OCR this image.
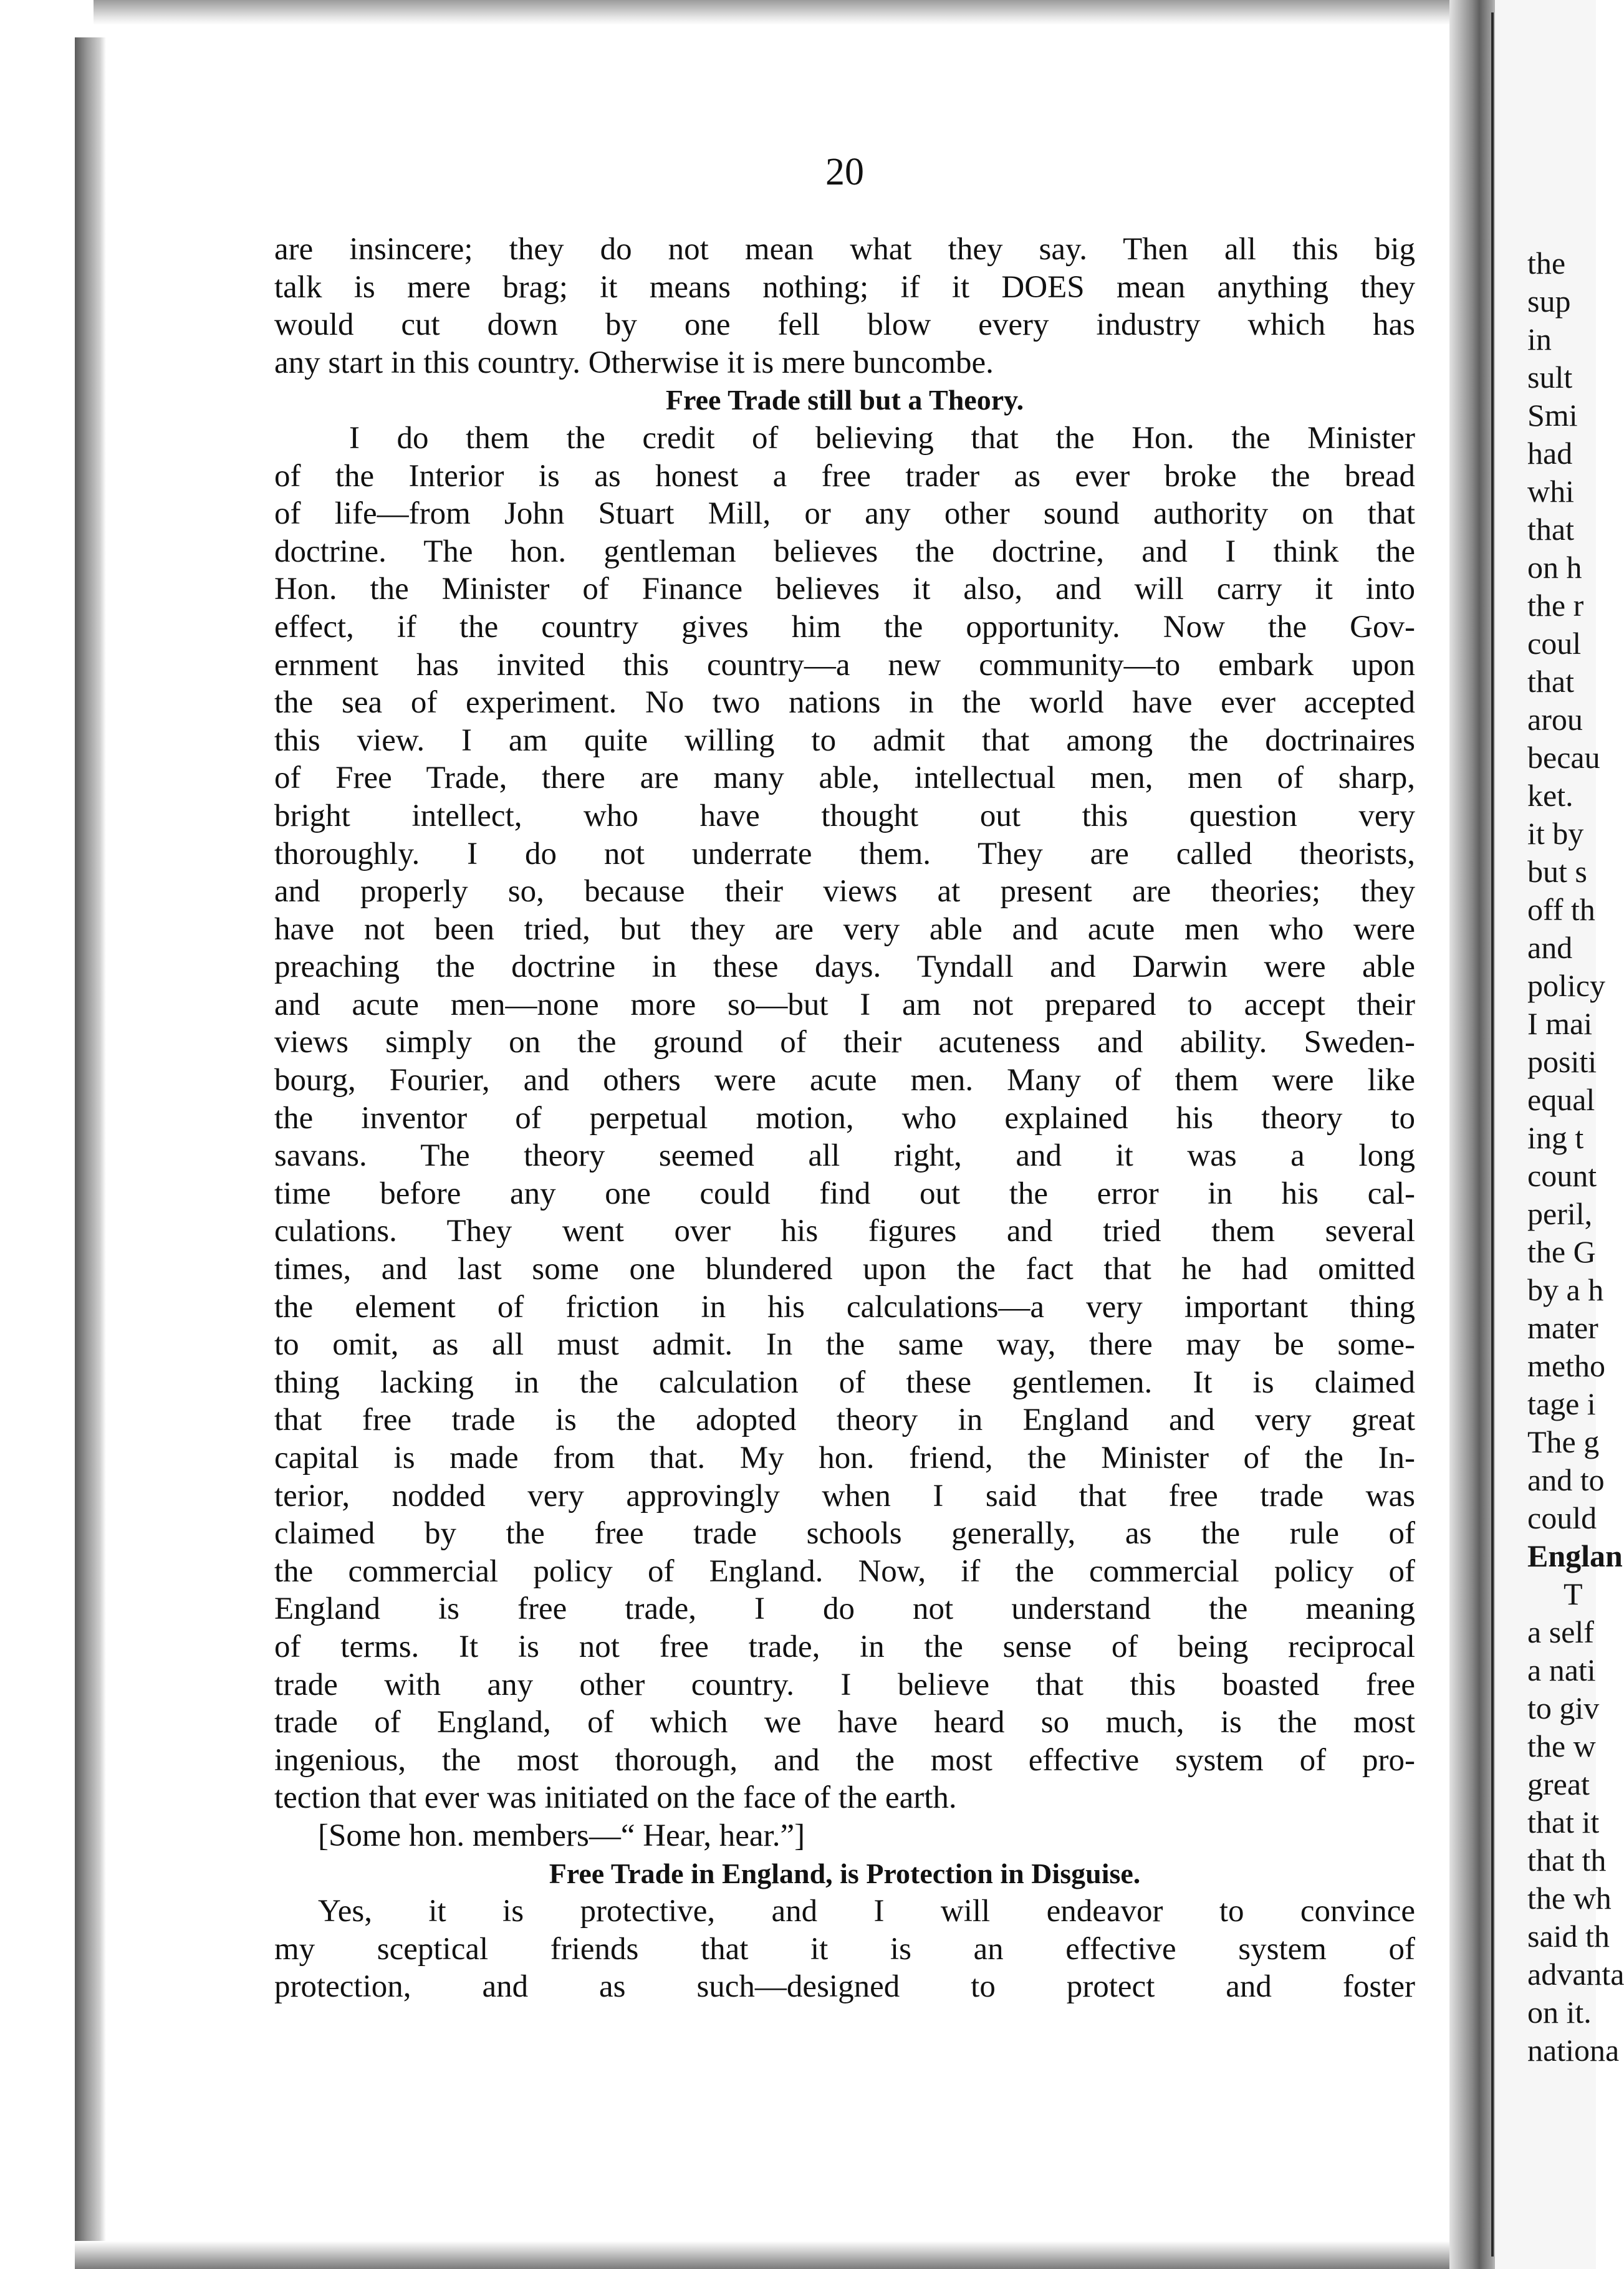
20
are insincere; they do not mean what they say. Then all this big
talk is mere brag; it means nothing; if it DOES mean anything they
would cut down by one fell blow every industry which has
any start in this country. Otherwise it is mere buncombe.
Free Trade still but a Theory.
I do them the credit of believing that the Hon. the Minister
of the Interior is as honest a free trader as ever broke the bread
of life—from John Stuart Mill, or any other sound authority on that
doctrine. The hon. gentleman believes the doctrine, and I think the
Hon. the Minister of Finance believes it also, and will carry it into
effect, if the country gives him the opportunity. Now the Gov-
ernment has invited this country—a new community—to embark upon
the sea of experiment. No two nations in the world have ever accepted
this view. I am quite willing to admit that among the doctrinaires
of Free Trade, there are many able, intellectual men, men of sharp,
bright intellect, who have thought out this question very
thoroughly. I do not underrate them. They are called theorists,
and properly so, because their views at present are theories; they
have not been tried, but they are very able and acute men who were
preaching the doctrine in these days. Tyndall and Darwin were able
and acute men—none more so—but I am not prepared to accept their
views simply on the ground of their acuteness and ability. Sweden-
bourg, Fourier, and others were acute men. Many of them were like
the inventor of perpetual motion, who explained his theory to
savans. The theory seemed all right, and it was a long
time before any one could find out the error in his cal-
culations. They went over his figures and tried them several
times, and last some one blundered upon the fact that he had omitted
the element of friction in his calculations—a very important thing
to omit, as all must admit. In the same way, there may be some-
thing lacking in the calculation of these gentlemen. It is claimed
that free trade is the adopted theory in England and very great
capital is made from that. My hon. friend, the Minister of the In-
terior, nodded very approvingly when I said that free trade was
claimed by the free trade schools generally, as the rule of
the commercial policy of England. Now, if the commercial policy of
England is free trade, I do not understand the meaning
of terms. It is not free trade, in the sense of being reciprocal
trade with any other country. I believe that this boasted free
trade of England, of which we have heard so much, is the most
ingenious, the most thorough, and the most effective system of pro-
tection that ever was initiated on the face of the earth.
[Some hon. members—“ Hear, hear.”]
Free Trade in England, is Protection in Disguise.
Yes, it is protective, and I will endeavor to convince
my sceptical friends that it is an effective system of
protection, and as such—designed to protect and foster
the
sup
in
sult
Smi
had
whi
that
on h
the r
coul
that
arou
becau
ket.
it by
but s
off th
and
policy
I mai
positi
equal
ing t
count
peril,
the G
by a h
mater
metho
tage i
The g
and to
could
Englan
T
a self
a nati
to giv
the w
great
that it
that th
the wh
said th
advanta
on it.
nationa
